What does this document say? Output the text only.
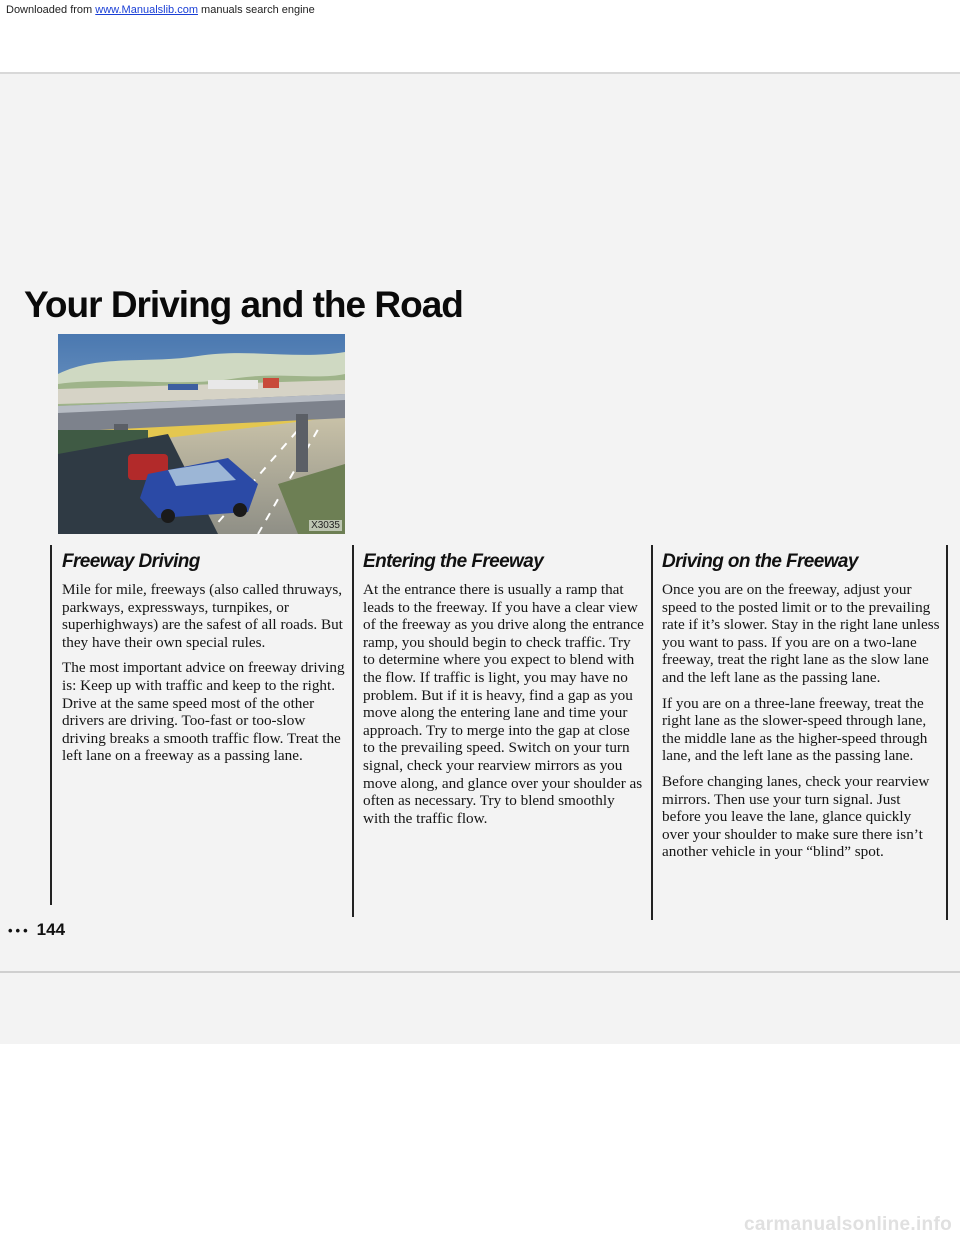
Downloaded from www.Manualslib.com manuals search engine
Your Driving and the Road
X3035
Freeway Driving

Mile for mile, freeways (also called thruways, parkways, expressways, turnpikes, or superhighways) are the safest of all roads. But they have their own special rules.

The most important advice on freeway driving is: Keep up with traffic and keep to the right. Drive at the same speed most of the other drivers are driving. Too-fast or too-slow driving breaks a smooth traffic flow. Treat the left lane on a freeway as a passing lane.

Entering the Freeway

At the entrance there is usually a ramp that leads to the freeway. If you have a clear view of the freeway as you drive along the entrance ramp, you should begin to check traffic. Try to determine where you expect to blend with the flow. If traffic is light, you may have no problem. But if it is heavy, find a gap as you move along the entering lane and time your approach. Try to merge into the gap at close to the prevailing speed. Switch on your turn signal, check your rearview mirrors as you move along, and glance over your shoulder as often as necessary. Try to blend smoothly with the traffic flow.

Driving on the Freeway

Once you are on the freeway, adjust your speed to the posted limit or to the prevailing rate if it’s slower. Stay in the right lane unless you want to pass. If you are on a two-lane freeway, treat the right lane as the slow lane and the left lane as the passing lane.

If you are on a three-lane freeway, treat the right lane as the slower-speed through lane, the middle lane as the higher-speed through lane, and the left lane as the passing lane.

Before changing lanes, check your rearview mirrors. Then use your turn signal. Just before you leave the lane, glance quickly over your shoulder to make sure there isn’t another vehicle in your “blind” spot.

••• 144
carmanualsonline.info
